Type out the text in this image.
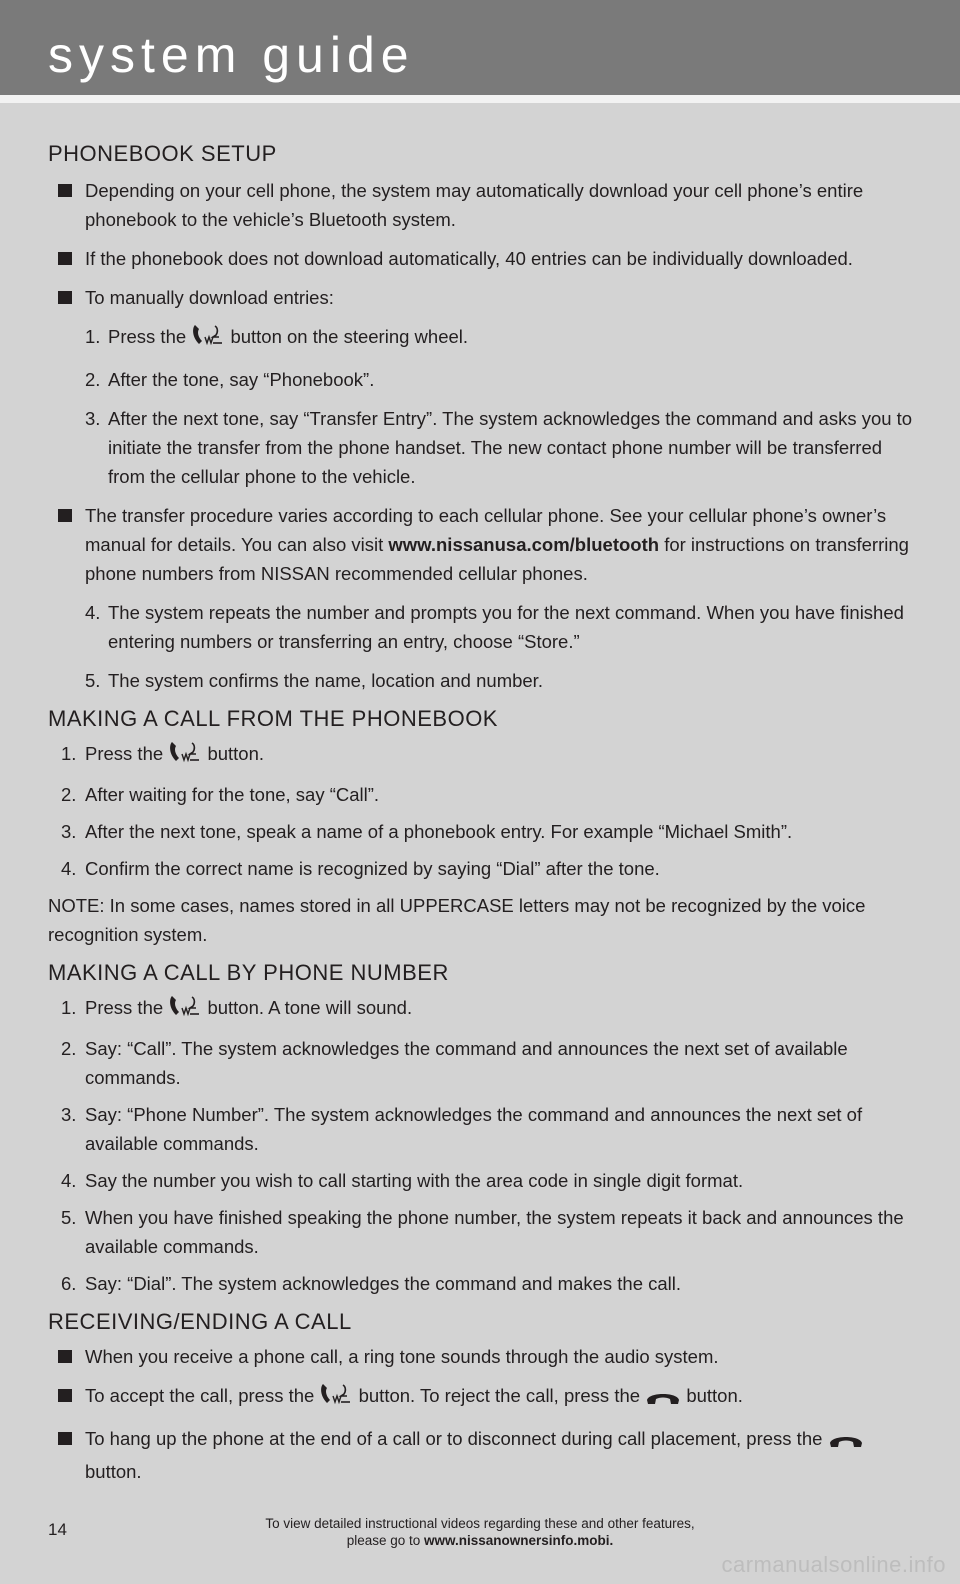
system guide
PHONEBOOK SETUP
Depending on your cell phone, the system may automatically download your cell phone’s entire phonebook to the vehicle’s Bluetooth system.
If the phonebook does not download automatically, 40 entries can be individually downloaded.
To manually download entries:
1. Press the button on the steering wheel.
2. After the tone, say “Phonebook”.
3. After the next tone, say “Transfer Entry”. The system acknowledges the command and asks you to initiate the transfer from the phone handset. The new contact phone number will be transferred from the cellular phone to the vehicle.
The transfer procedure varies according to each cellular phone. See your cellular phone’s owner’s manual for details. You can also visit www.nissanusa.com/bluetooth for instructions on transferring phone numbers from NISSAN recommended cellular phones.
4. The system repeats the number and prompts you for the next command. When you have finished entering numbers or transferring an entry, choose “Store.”
5. The system confirms the name, location and number.
MAKING A CALL FROM THE PHONEBOOK
1. Press the button.
2. After waiting for the tone, say “Call”.
3. After the next tone, speak a name of a phonebook entry. For example “Michael Smith”.
4. Confirm the correct name is recognized by saying “Dial” after the tone.
NOTE: In some cases, names stored in all UPPERCASE letters may not be recognized by the voice recognition system.
MAKING A CALL BY PHONE NUMBER
1. Press the button. A tone will sound.
2. Say: “Call”. The system acknowledges the command and announces the next set of available commands.
3. Say: “Phone Number”. The system acknowledges the command and announces the next set of available commands.
4. Say the number you wish to call starting with the area code in single digit format.
5. When you have finished speaking the phone number, the system repeats it back and announces the available commands.
6. Say: “Dial”. The system acknowledges the command and makes the call.
RECEIVING/ENDING A CALL
When you receive a phone call, a ring tone sounds through the audio system.
To accept the call, press the button. To reject the call, press the	button.
To hang up the phone at the end of a call or to disconnect during call placement, press the  button.
14	To view detailed instructional videos regarding these and other features,
please go to www.nissanownersinfo.mobi.
carmanualsonline.info
